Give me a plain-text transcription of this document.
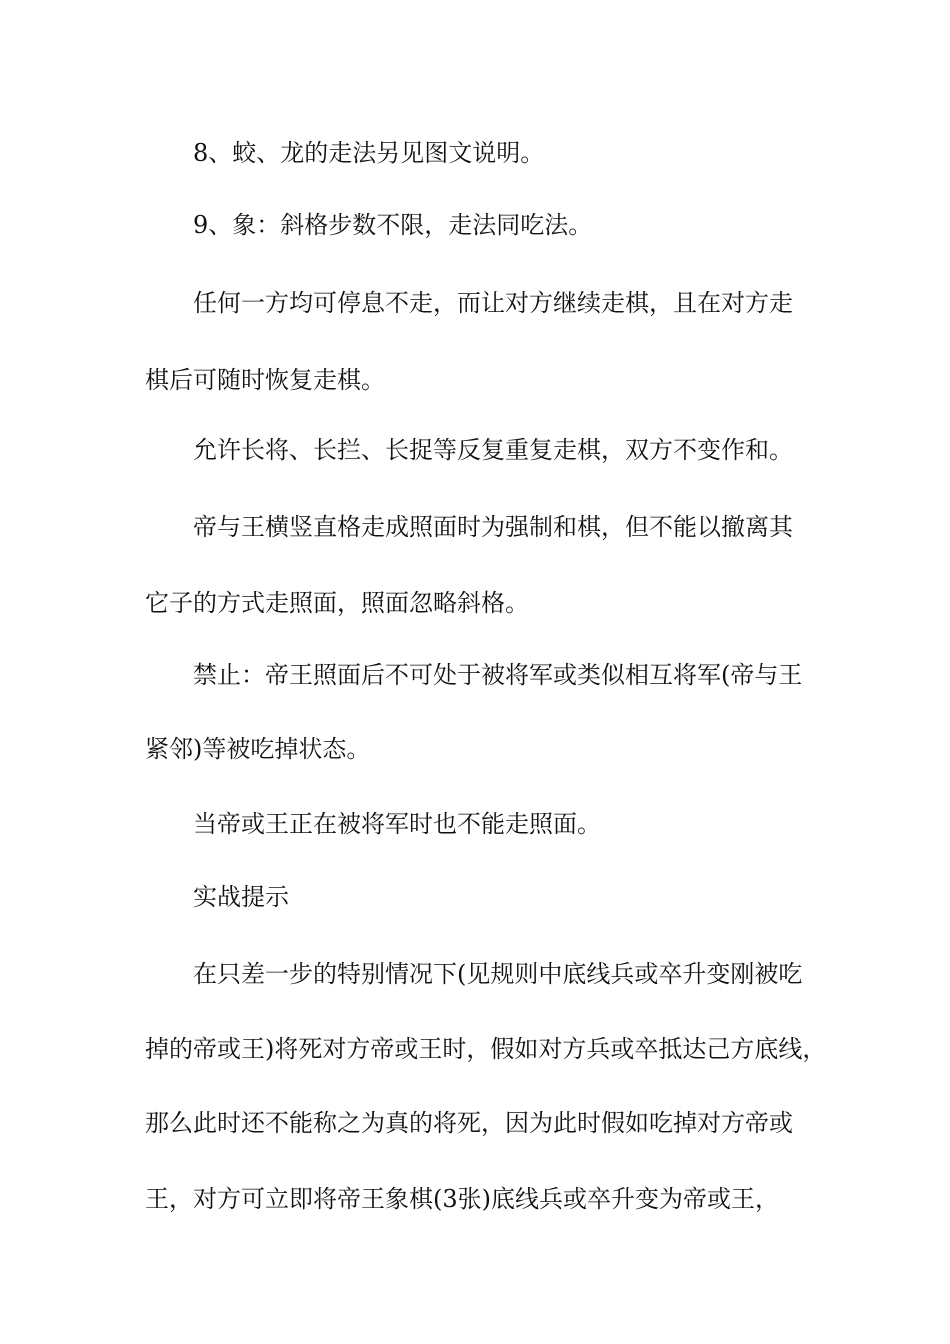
8、蛟、龙的走法另见图文说明。
9、象：斜格步数不限，走法同吃法。
任何一方均可停息不走，而让对方继续走棋，且在对方走
棋后可随时恢复走棋。
允许长将、长拦、长捉等反复重复走棋，双方不变作和。
帝与王横竖直格走成照面时为强制和棋，但不能以撤离其
它子的方式走照面，照面忽略斜格。
禁止：帝王照面后不可处于被将军或类似相互将军(帝与王
紧邻)等被吃掉状态。
当帝或王正在被将军时也不能走照面。
实战提示
在只差一步的特别情况下(见规则中底线兵或卒升变刚被吃
掉的帝或王)将死对方帝或王时，假如对方兵或卒抵达己方底线，
那么此时还不能称之为真的将死，因为此时假如吃掉对方帝或
王，对方可立即将帝王象棋(3张)底线兵或卒升变为帝或王，
